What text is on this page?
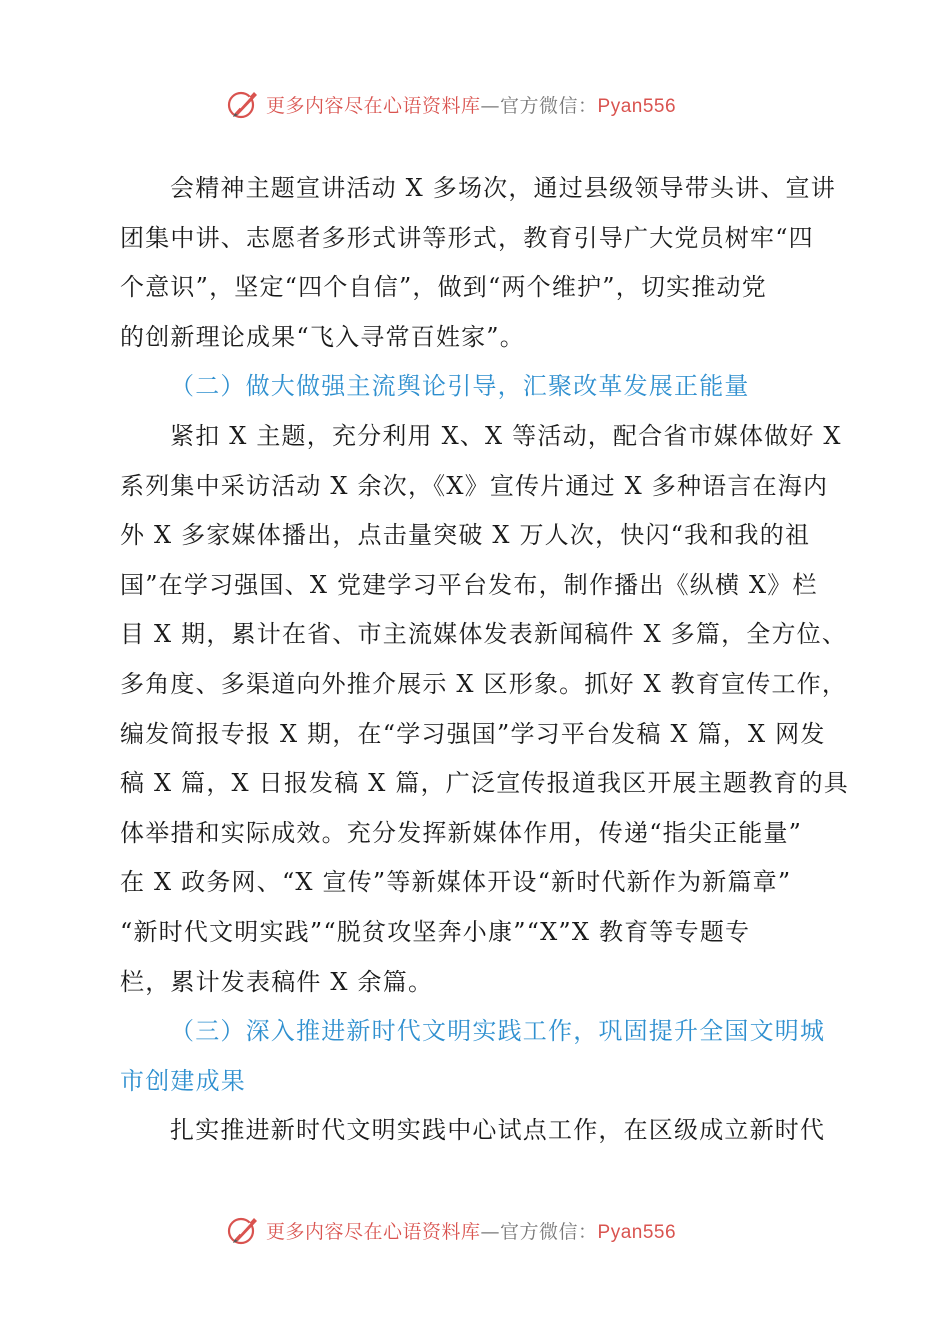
更多内容尽在心语资料库—官方微信：Pyan556

会精神主题宣讲活动 X 多场次，通过县级领导带头讲、宣讲
团集中讲、志愿者多形式讲等形式，教育引导广大党员树牢“四
个意识”，坚定“四个自信”，做到“两个维护”，切实推动党
的创新理论成果“飞入寻常百姓家”。

（二）做大做强主流舆论引导，汇聚改革发展正能量

紧扣 X 主题，充分利用 X、X 等活动，配合省市媒体做好 X
系列集中采访活动 X 余次，《X》宣传片通过 X 多种语言在海内
外 X 多家媒体播出，点击量突破 X 万人次，快闪“我和我的祖
国”在学习强国、X 党建学习平台发布，制作播出《纵横 X》栏
目 X 期，累计在省、市主流媒体发表新闻稿件 X 多篇，全方位、
多角度、多渠道向外推介展示 X 区形象。抓好 X 教育宣传工作，
编发简报专报 X 期，在“学习强国”学习平台发稿 X 篇，X 网发
稿 X 篇，X 日报发稿 X 篇，广泛宣传报道我区开展主题教育的具
体举措和实际成效。充分发挥新媒体作用，传递“指尖正能量”
在 X 政务网、“X 宣传”等新媒体开设“新时代新作为新篇章”
“新时代文明实践”“脱贫攻坚奔小康”“X”X 教育等专题专
栏，累计发表稿件 X 余篇。

（三）深入推进新时代文明实践工作，巩固提升全国文明城
市创建成果

扎实推进新时代文明实践中心试点工作，在区级成立新时代

更多内容尽在心语资料库—官方微信：Pyan556
